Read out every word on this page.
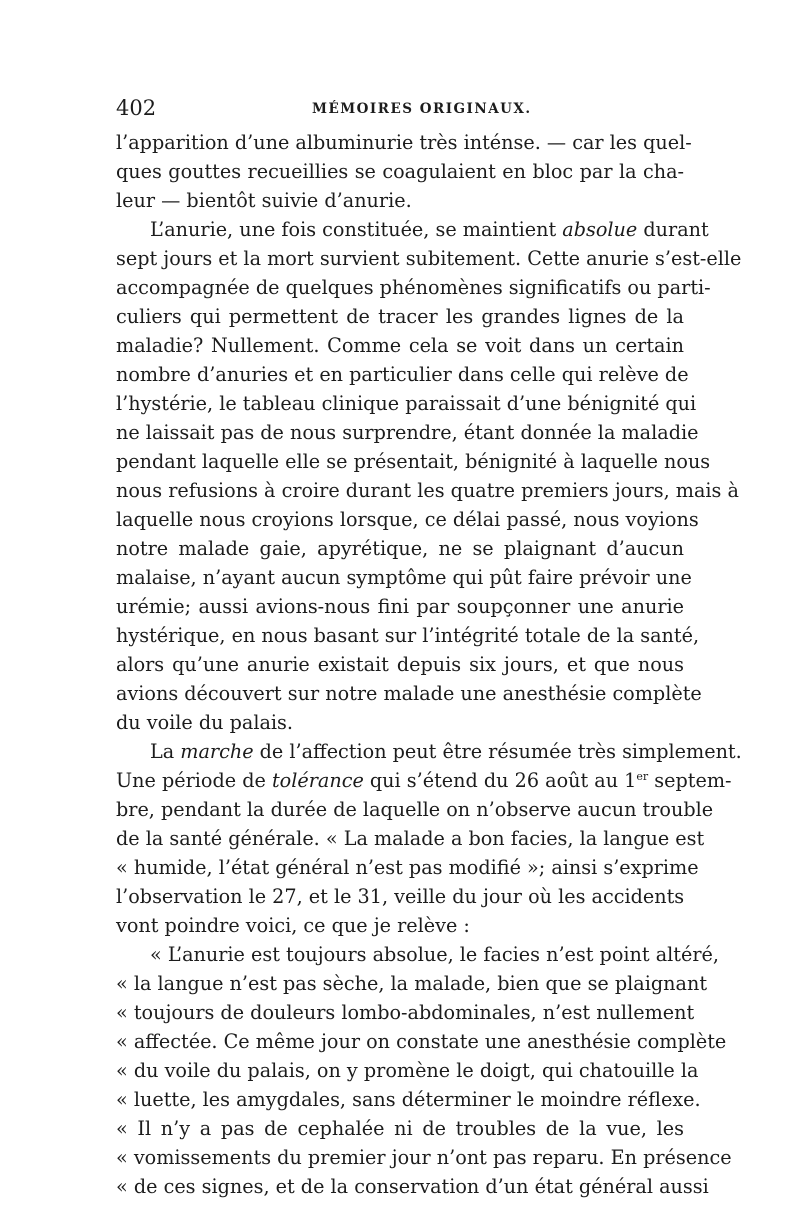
402	MÉMOIRES ORIGINAUX.
l’apparition d’une albuminurie très inténse. — car les quel-
ques gouttes recueillies se coagulaient en bloc par la cha-
leur — bientôt suivie d’anurie.
L’anurie, une fois constituée, se maintient absolue durant
sept jours et la mort survient subitement. Cette anurie s’est-elle
accompagnée de quelques phénomènes significatifs ou parti-
culiers qui permettent de tracer les grandes lignes de la
maladie? Nullement. Comme cela se voit dans un certain
nombre d’anuries et en particulier dans celle qui relève de
l’hystérie, le tableau clinique paraissait d’une bénignité qui
ne laissait pas de nous surprendre, étant donnée la maladie
pendant laquelle elle se présentait, bénignité à laquelle nous
nous refusions à croire durant les quatre premiers jours, mais à
laquelle nous croyions lorsque, ce délai passé, nous voyions
notre malade gaie, apyrétique, ne se plaignant d’aucun
malaise, n’ayant aucun symptôme qui pût faire prévoir une
urémie; aussi avions-nous fini par soupçonner une anurie
hystérique, en nous basant sur l’intégrité totale de la santé,
alors qu’une anurie existait depuis six jours, et que nous
avions découvert sur notre malade une anesthésie complète
du voile du palais.
La marche de l’affection peut être résumée très simplement.
Une période de tolérance qui s’étend du 26 août au 1er septem-
bre, pendant la durée de laquelle on n’observe aucun trouble
de la santé générale. « La malade a bon facies, la langue est
« humide, l’état général n’est pas modifié »; ainsi s’exprime
l’observation le 27, et le 31, veille du jour où les accidents
vont poindre voici, ce que je relève :
« L’anurie est toujours absolue, le facies n’est point altéré,
« la langue n’est pas sèche, la malade, bien que se plaignant
« toujours de douleurs lombo-abdominales, n’est nullement
« affectée. Ce même jour on constate une anesthésie complète
« du voile du palais, on y promène le doigt, qui chatouille la
« luette, les amygdales, sans déterminer le moindre réflexe.
« Il n’y a pas de cephalée ni de troubles de la vue, les
« vomissements du premier jour n’ont pas reparu. En présence
« de ces signes, et de la conservation d’un état général aussi
